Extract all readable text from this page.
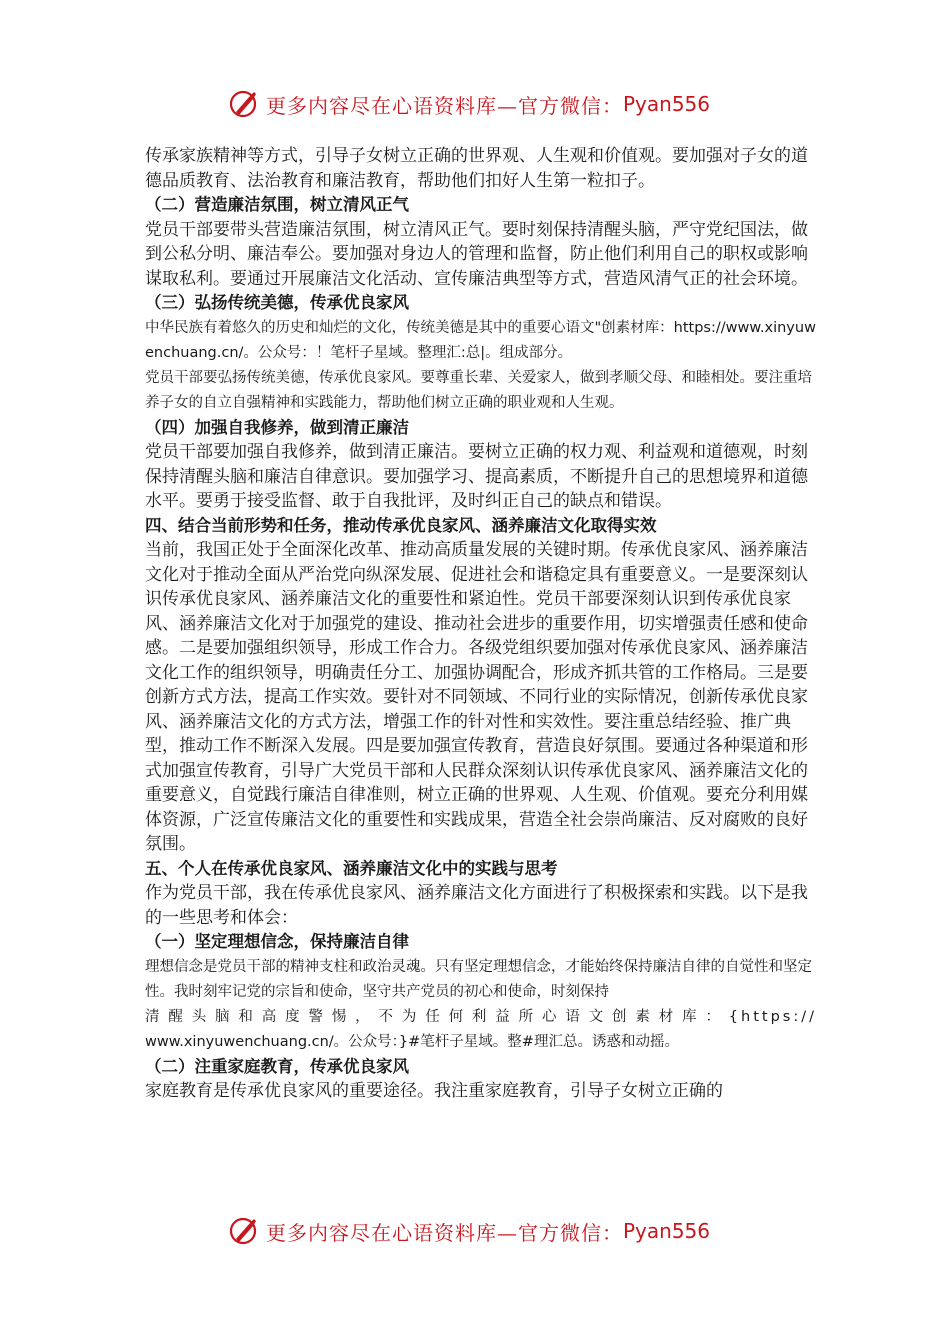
更多内容尽在心语资料库—官方微信： Pyan556

传承家族精神等方式，引导子女树立正确的世界观、人生观和价值观。要加强对子女的道德品质教育、法治教育和廉洁教育，帮助他们扣好人生第一粒扣子。

（二）营造廉洁氛围，树立清风正气

党员干部要带头营造廉洁氛围，树立清风正气。要时刻保持清醒头脑，严守党纪国法，做到公私分明、廉洁奉公。要加强对身边人的管理和监督，防止他们利用自己的职权或影响谋取私利。要通过开展廉洁文化活动、宣传廉洁典型等方式，营造风清气正的社会环境。

（三）弘扬传统美德，传承优良家风

中华民族有着悠久的历史和灿烂的文化，传统美德是其中的重要心语文"创素材库：https://www.xinyuwenchuang.cn/。公众号：！笔杆子星域。整理汇:总|。组成部分。

党员干部要弘扬传统美德，传承优良家风。要尊重长辈、关爱家人，做到孝顺父母、和睦相处。要注重培养子女的自立自强精神和实践能力，帮助他们树立正确的职业观和人生观。

（四）加强自我修养，做到清正廉洁

党员干部要加强自我修养，做到清正廉洁。要树立正确的权力观、利益观和道德观，时刻保持清醒头脑和廉洁自律意识。要加强学习、提高素质，不断提升自己的思想境界和道德水平。要勇于接受监督、敢于自我批评，及时纠正自己的缺点和错误。

四、结合当前形势和任务，推动传承优良家风、涵养廉洁文化取得实效

当前，我国正处于全面深化改革、推动高质量发展的关键时期。传承优良家风、涵养廉洁文化对于推动全面从严治党向纵深发展、促进社会和谐稳定具有重要意义。一是要深刻认识传承优良家风、涵养廉洁文化的重要性和紧迫性。党员干部要深刻认识到传承优良家风、涵养廉洁文化对于加强党的建设、推动社会进步的重要作用，切实增强责任感和使命感。二是要加强组织领导，形成工作合力。各级党组织要加强对传承优良家风、涵养廉洁文化工作的组织领导，明确责任分工、加强协调配合，形成齐抓共管的工作格局。三是要创新方式方法，提高工作实效。要针对不同领域、不同行业的实际情况，创新传承优良家风、涵养廉洁文化的方式方法，增强工作的针对性和实效性。要注重总结经验、推广典型，推动工作不断深入发展。四是要加强宣传教育，营造良好氛围。要通过各种渠道和形式加强宣传教育，引导广大党员干部和人民群众深刻认识传承优良家风、涵养廉洁文化的重要意义，自觉践行廉洁自律准则，树立正确的世界观、人生观、价值观。要充分利用媒体资源，广泛宣传廉洁文化的重要性和实践成果，营造全社会崇尚廉洁、反对腐败的良好氛围。

五、个人在传承优良家风、涵养廉洁文化中的实践与思考

作为党员干部，我在传承优良家风、涵养廉洁文化方面进行了积极探索和实践。以下是我的一些思考和体会：

（一）坚定理想信念，保持廉洁自律

理想信念是党员干部的精神支柱和政治灵魂。只有坚定理想信念，才能始终保持廉洁自律的自觉性和坚定性。我时刻牢记党的宗旨和使命，坚守共产党员的初心和使命，时刻保持

清醒头脑和高度警惕，不为任何利益所心语文创素材库：{https://

www.xinyuwenchuang.cn/。公众号：}#笔杆子星域。整#理汇总。诱惑和动摇。

（二）注重家庭教育，传承优良家风

家庭教育是传承优良家风的重要途径。我注重家庭教育，引导子女树立正确的

更多内容尽在心语资料库—官方微信： Pyan556
